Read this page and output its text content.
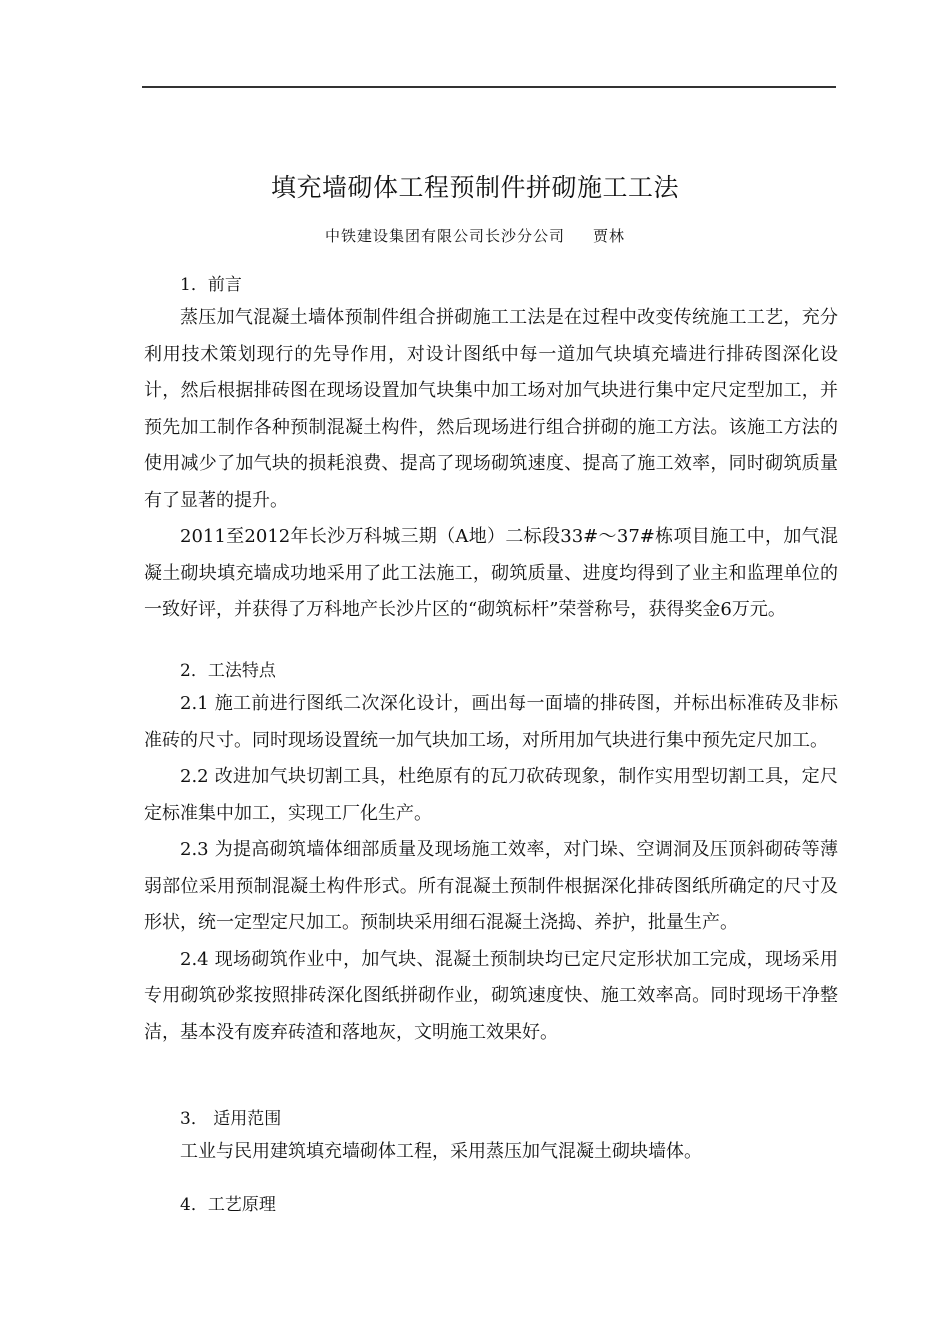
填充墙砌体工程预制件拼砌施工工法
中铁建设集团有限公司长沙分公司 贾林
1．前言

蒸压加气混凝土墙体预制件组合拼砌施工工法是在过程中改变传统施工工艺，充分利用技术策划现行的先导作用，对设计图纸中每一道加气块填充墙进行排砖图深化设计，然后根据排砖图在现场设置加气块集中加工场对加气块进行集中定尺定型加工，并预先加工制作各种预制混凝土构件，然后现场进行组合拼砌的施工方法。该施工方法的使用减少了加气块的损耗浪费、提高了现场砌筑速度、提高了施工效率，同时砌筑质量有了显著的提升。

2011至2012年长沙万科城三期（A地）二标段33#～37#栋项目施工中，加气混凝土砌块填充墙成功地采用了此工法施工，砌筑质量、进度均得到了业主和监理单位的一致好评，并获得了万科地产长沙片区的“砌筑标杆”荣誉称号，获得奖金6万元。

2．工法特点

2.1 施工前进行图纸二次深化设计，画出每一面墙的排砖图，并标出标准砖及非标准砖的尺寸。同时现场设置统一加气块加工场，对所用加气块进行集中预先定尺加工。

2.2 改进加气块切割工具，杜绝原有的瓦刀砍砖现象，制作实用型切割工具，定尺定标准集中加工，实现工厂化生产。

2.3 为提高砌筑墙体细部质量及现场施工效率，对门垛、空调洞及压顶斜砌砖等薄弱部位采用预制混凝土构件形式。所有混凝土预制件根据深化排砖图纸所确定的尺寸及形状，统一定型定尺加工。预制块采用细石混凝土浇捣、养护，批量生产。

2.4 现场砌筑作业中，加气块、混凝土预制块均已定尺定形状加工完成，现场采用专用砌筑砂浆按照排砖深化图纸拼砌作业，砌筑速度快、施工效率高。同时现场干净整洁，基本没有废弃砖渣和落地灰，文明施工效果好。

3． 适用范围

工业与民用建筑填充墙砌体工程，采用蒸压加气混凝土砌块墙体。

4．工艺原理
